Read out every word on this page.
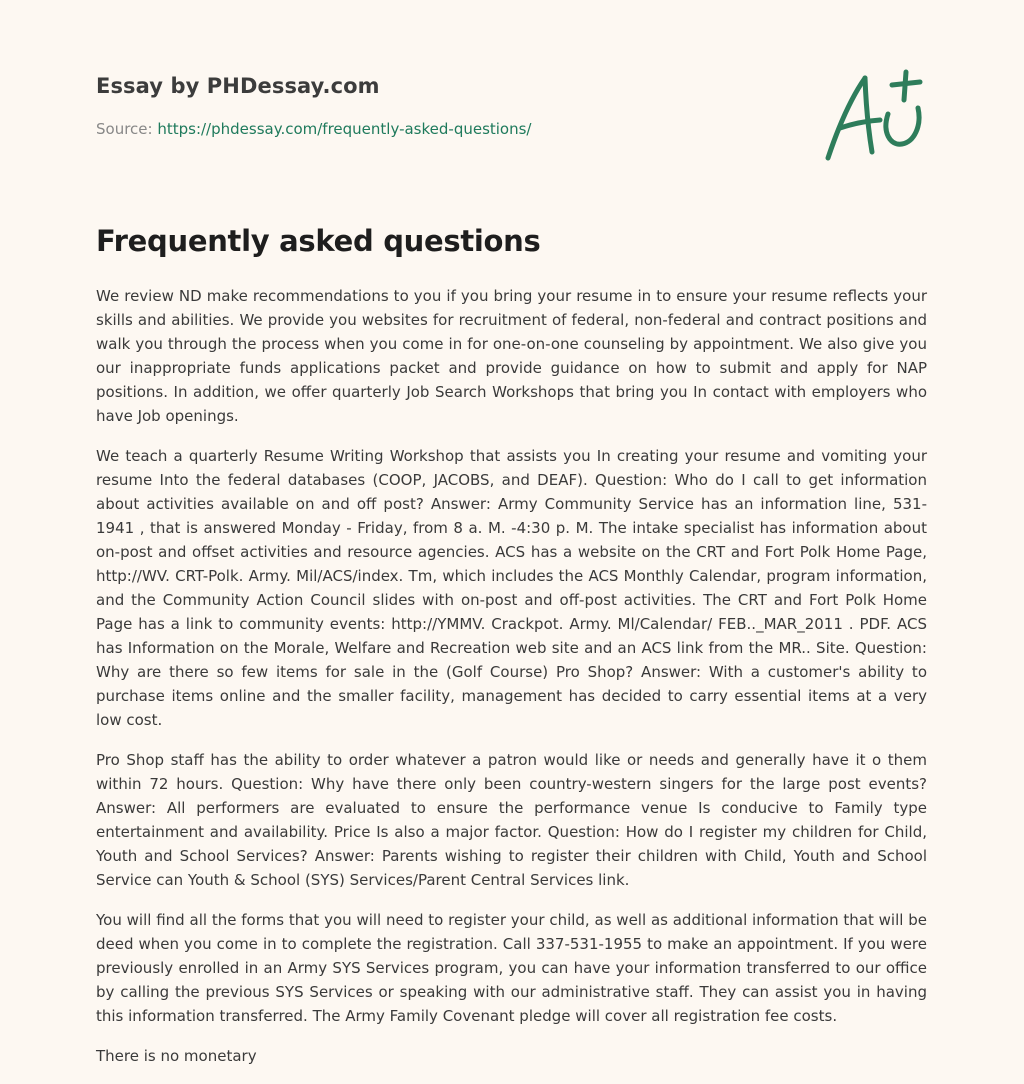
Essay by PHDessay.com
Source: https://phdessay.com/frequently-asked-questions/
Frequently asked questions

We review ND make recommendations to you if you bring your resume in to ensure your resume reflects your skills and abilities. We provide you websites for recruitment of federal, non-federal and contract positions and walk you through the process when you come in for one-on-one counseling by appointment. We also give you our inappropriate funds applications packet and provide guidance on how to submit and apply for NAP positions. In addition, we offer quarterly Job Search Workshops that bring you In contact with employers who have Job openings.

We teach a quarterly Resume Writing Workshop that assists you In creating your resume and vomiting your resume Into the federal databases (COOP, JACOBS, and DEAF). Question: Who do I call to get information about activities available on and off post? Answer: Army Community Service has an information line, 531-1941 , that is answered Monday - Friday, from 8 a. M. -4:30 p. M. The intake specialist has information about on-post and offset activities and resource agencies. ACS has a website on the CRT and Fort Polk Home Page, http://WV. CRT-Polk. Army. Mil/ACS/index. Tm, which includes the ACS Monthly Calendar, program information, and the Community Action Council slides with on-post and off-post activities. The CRT and Fort Polk Home Page has a link to community events: http://YMMV. Crackpot. Army. Ml/Calendar/ FEB.._MAR_2011 . PDF. ACS has Information on the Morale, Welfare and Recreation web site and an ACS link from the MR.. Site. Question: Why are there so few items for sale in the (Golf Course) Pro Shop? Answer: With a customer's ability to purchase items online and the smaller facility, management has decided to carry essential items at a very low cost.

Pro Shop staff has the ability to order whatever a patron would like or needs and generally have it o them within 72 hours. Question: Why have there only been country-western singers for the large post events? Answer: All performers are evaluated to ensure the performance venue Is conducive to Family type entertainment and availability. Price Is also a major factor. Question: How do I register my children for Child, Youth and School Services? Answer: Parents wishing to register their children with Child, Youth and School Service can Youth & School (SYS) Services/Parent Central Services link.

You will find all the forms that you will need to register your child, as well as additional information that will be deed when you come in to complete the registration. Call 337-531-1955 to make an appointment. If you were previously enrolled in an Army SYS Services program, you can have your information transferred to our office by calling the previous SYS Services or speaking with our administrative staff. They can assist you in having this information transferred. The Army Family Covenant pledge will cover all registration fee costs.

There is no monetary
